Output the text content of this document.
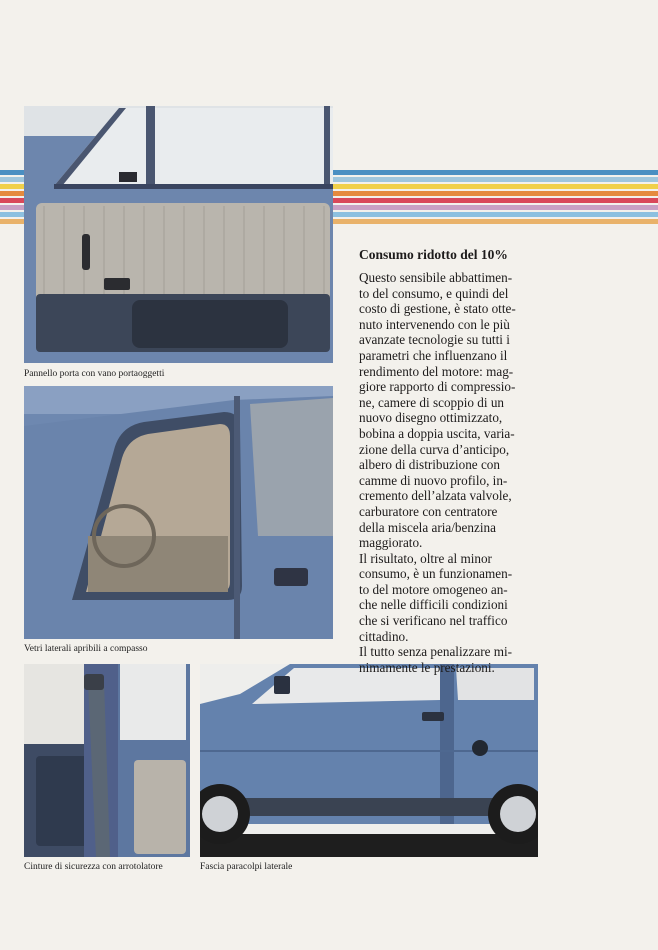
Pannello porta con vano portaoggetti
Vetri laterali apribili a compasso
Cinture di sicurezza con arrotolatore	Fascia paracolpi laterale
Consumo ridotto del 10%
Questo sensibile abbattimen-
to del consumo, e quindi del
costo di gestione, è stato otte-
nuto intervenendo con le più
avanzate tecnologie su tutti i
parametri che influenzano il
rendimento del motore: mag-
giore rapporto di compressio-
ne, camere di scoppio di un
nuovo disegno ottimizzato,
bobina a doppia uscita, varia-
zione della curva d’anticipo,
albero di distribuzione con
camme di nuovo profilo, in-
cremento dell’alzata valvole,
carburatore con centratore
della miscela aria/benzina
maggiorato.
Il risultato, oltre al minor
consumo, è un funzionamen-
to del motore omogeneo an-
che nelle difficili condizioni
che si verificano nel traffico
cittadino.
Il tutto senza penalizzare mi-
nimamente le prestazioni.
